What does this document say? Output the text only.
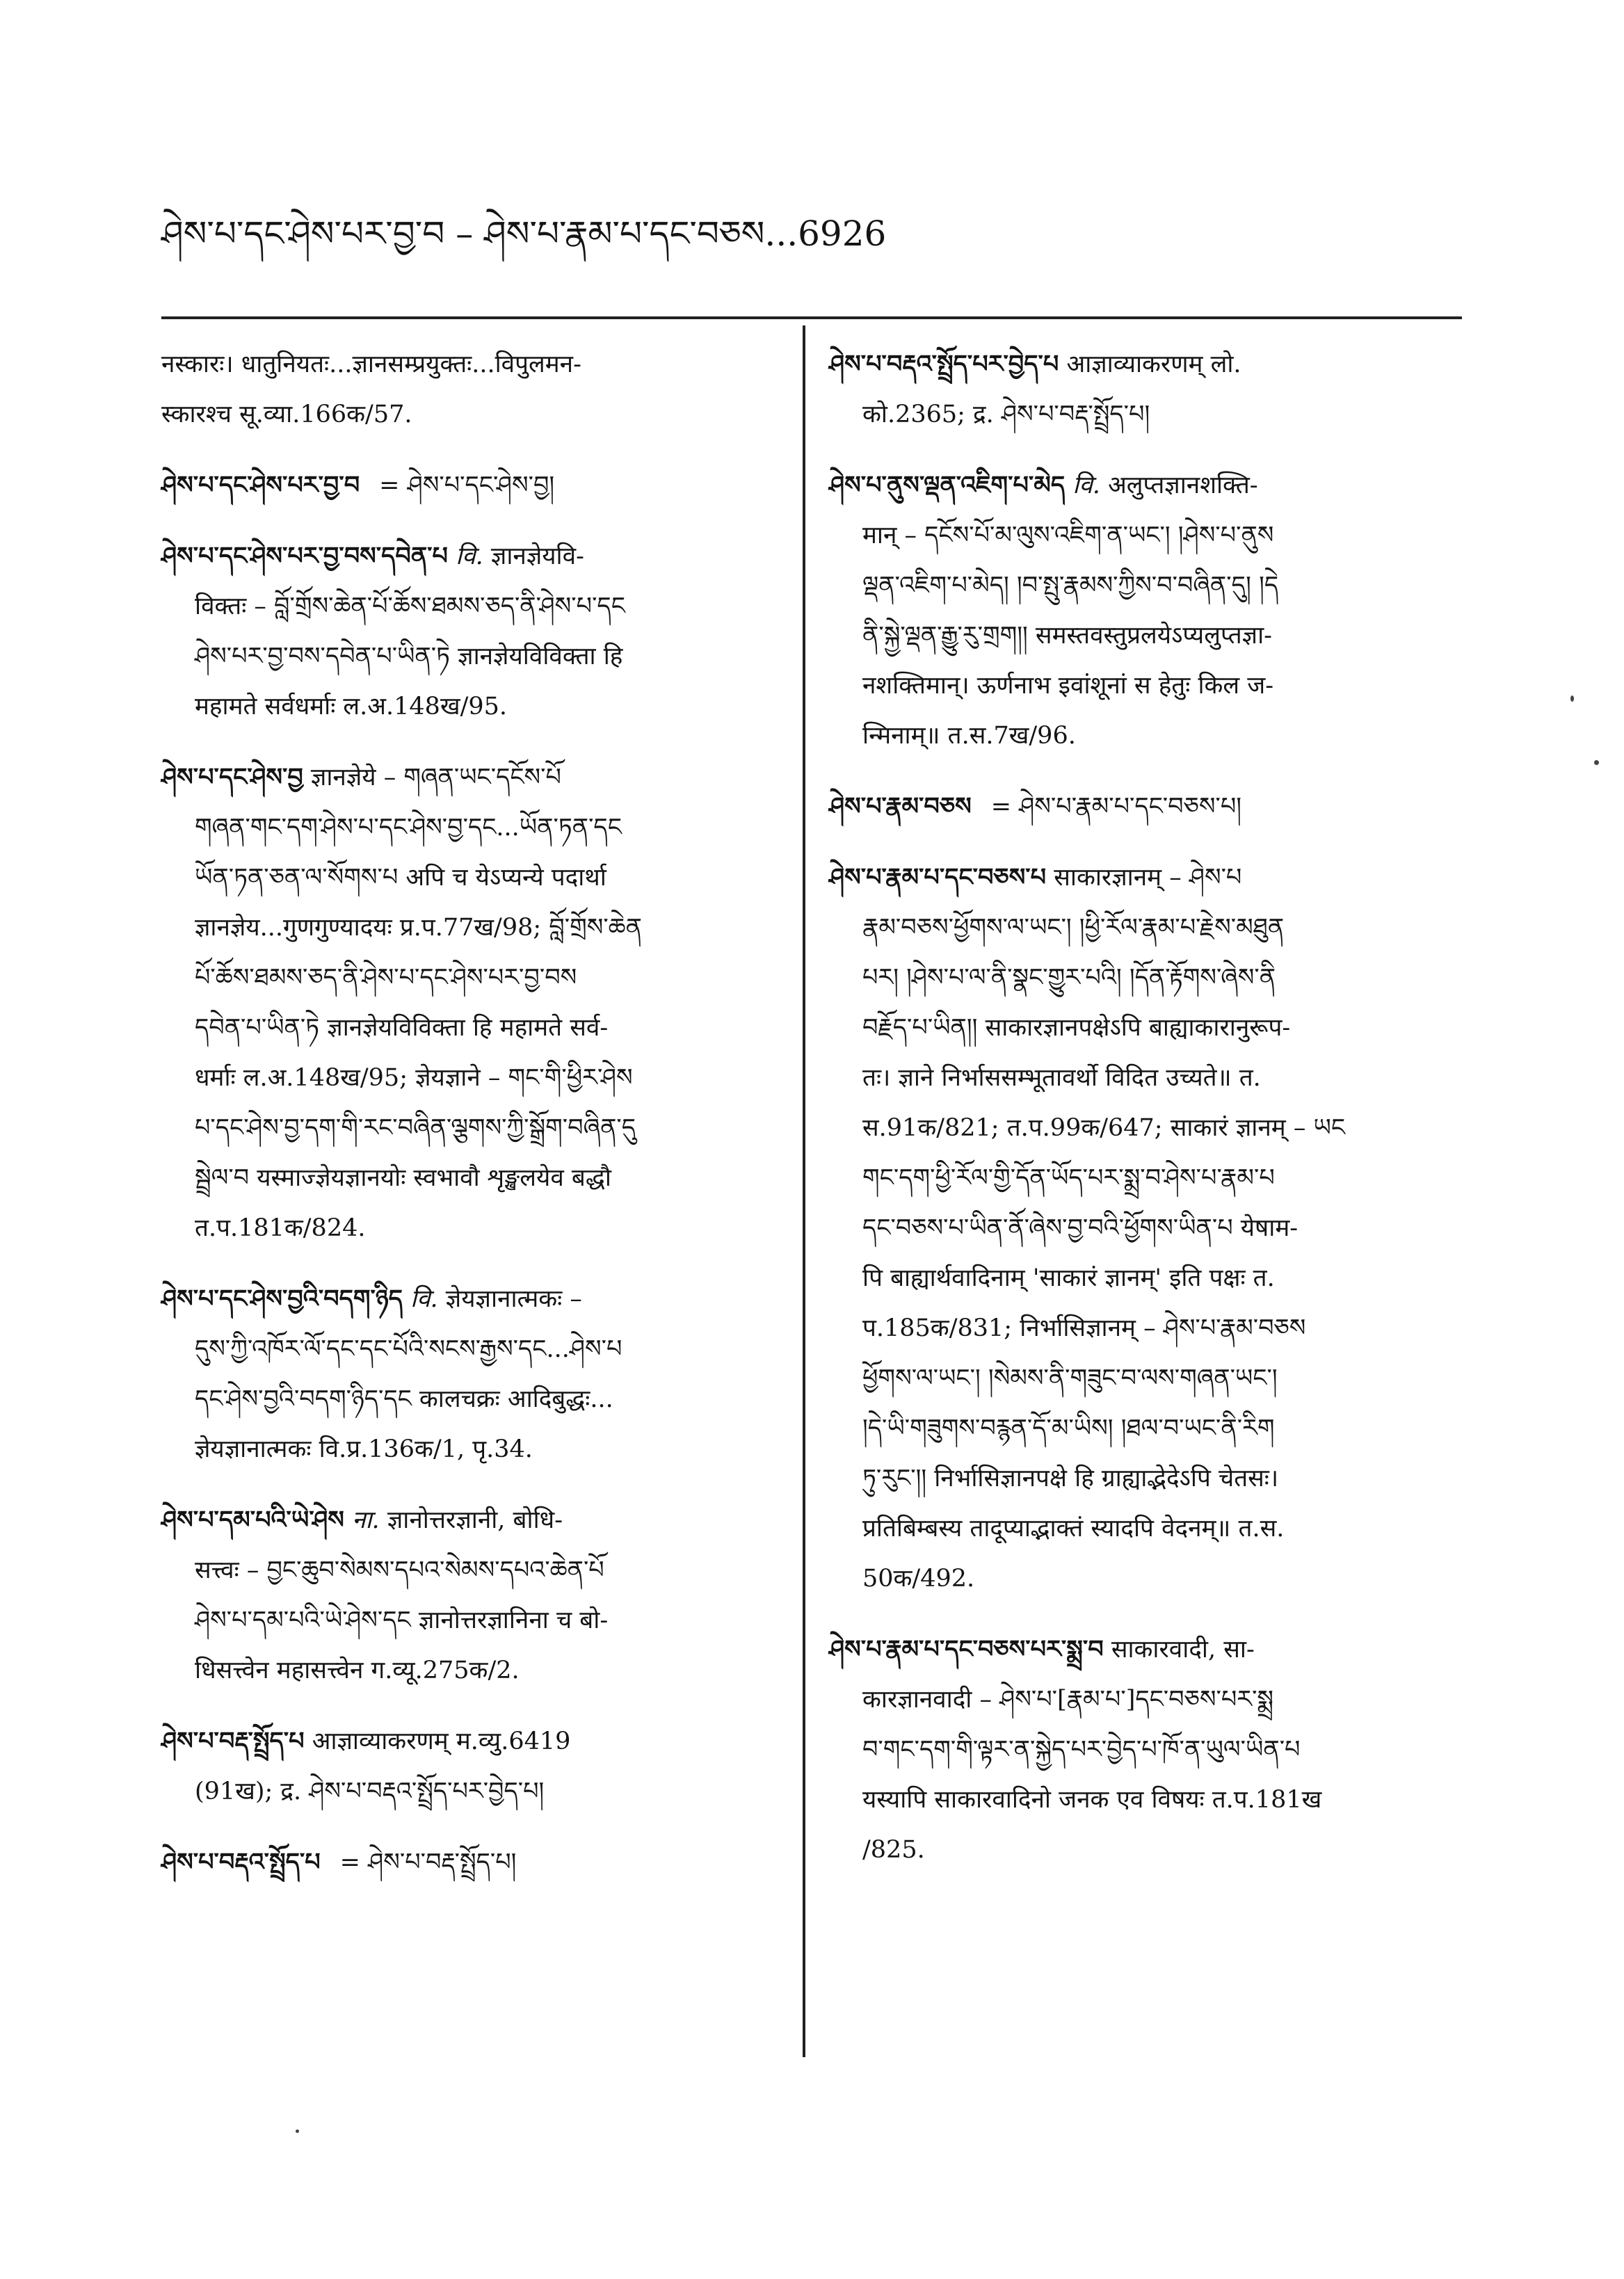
ཤེས་པ་དང་ཤེས་པར་བྱ་བ – ཤེས་པ་རྣམ་པ་དང་བཅས...6926

नस्कारः। धातुनियतः...ज्ञानसम्प्रयुक्तः...विपुलमन-

स्कारश्च सू.व्या.166क/57.

ཤེས་པ་དང་ཤེས་པར་བྱ་བ = ཤེས་པ་དང་ཤེས་བྱ།

ཤེས་པ་དང་ཤེས་པར་བྱ་བས་དབེན་པ वि. ज्ञानज्ञेयवि-

विक्तः – བློ་གྲོས་ཆེན་པོ་ཆོས་ཐམས་ཅད་ནི་ཤེས་པ་དང

ཤེས་པར་བྱ་བས་དབེན་པ་ཡིན་ཏེ ज्ञानज्ञेयविविक्ता हि

महामते सर्वधर्माः ल.अ.148ख/95.

ཤེས་པ་དང་ཤེས་བྱ ज्ञानज्ञेये – གཞན་ཡང་དངོས་པོ

གཞན་གང་དག་ཤེས་པ་དང་ཤེས་བྱ་དང...ཡོན་ཏན་དང

ཡོན་ཏན་ཅན་ལ་སོགས་པ अपि च येऽप्यन्ये पदार्था

ज्ञानज्ञेय...गुणगुण्यादयः प्र.प.77ख/98; བློ་གྲོས་ཆེན

པོ་ཆོས་ཐམས་ཅད་ནི་ཤེས་པ་དང་ཤེས་པར་བྱ་བས

དབེན་པ་ཡིན་ཏེ ज्ञानज्ञेयविविक्ता हि महामते सर्व-

धर्माः ल.अ.148ख/95; ज्ञेयज्ञाने – གང་གི་ཕྱིར་ཤེས

པ་དང་ཤེས་བྱ་དག་གི་རང་བཞིན་ལྕགས་ཀྱི་སྒྲོག་བཞིན་དུ

སྦྲེལ་བ यस्माज्ज्ञेयज्ञानयोः स्वभावौ शृङ्खलयेव बद्धौ

त.प.181क/824.

ཤེས་པ་དང་ཤེས་བྱའི་བདག་ཉིད वि. ज्ञेयज्ञानात्मकः –

དུས་ཀྱི་འཁོར་ལོ་དང་དང་པོའི་སངས་རྒྱས་དང...ཤེས་པ

དང་ཤེས་བྱའི་བདག་ཉིད་དང कालचक्रः आदिबुद्धः...

ज्ञेयज्ञानात्मकः वि.प्र.136क/1, पृ.34.

ཤེས་པ་དམ་པའི་ཡེ་ཤེས ना. ज्ञानोत्तरज्ञानी, बोधि-

सत्त्वः – བྱང་ཆུབ་སེམས་དཔའ་སེམས་དཔའ་ཆེན་པོ

ཤེས་པ་དམ་པའི་ཡེ་ཤེས་དང ज्ञानोत्तरज्ञानिना च बो-

धिसत्त्वेन महासत्त्वेन ग.व्यू.275क/2.

ཤེས་པ་བརྡ་སྤྲོད་པ आज्ञाव्याकरणम् म.व्यु.6419

(91ख); द्र. ཤེས་པ་བརྡའ་སྤྲོད་པར་བྱེད་པ།

ཤེས་པ་བརྡའ་སྤྲོད་པ = ཤེས་པ་བརྡ་སྤྲོད་པ།

ཤེས་པ་བརྡའ་སྤྲོད་པར་བྱེད་པ आज्ञाव्याकरणम् लो.

को.2365; द्र. ཤེས་པ་བརྡ་སྤྲོད་པ།

ཤེས་པ་ནུས་ལྡན་འཇིག་པ་མེད वि. अलुप्तज्ञानशक्ति-

मान् – དངོས་པོ་མ་ལུས་འཇིག་ན་ཡང་། །ཤེས་པ་ནུས

ལྡན་འཇིག་པ་མེད། །བ་སྤུ་རྣམས་ཀྱིས་བ་བཞིན་དུ། །དེ

ནི་སྐྱེ་ལྡན་རྒྱུ་རུ་གྲག།། समस्तवस्तुप्रलयेऽप्यलुप्तज्ञा-

नशक्तिमान्। ऊर्णनाभ इवांशूनां स हेतुः किल ज-

न्मिनाम्॥ त.स.7ख/96.

ཤེས་པ་རྣམ་བཅས = ཤེས་པ་རྣམ་པ་དང་བཅས་པ།

ཤེས་པ་རྣམ་པ་དང་བཅས་པ साकारज्ञानम् – ཤེས་པ

རྣམ་བཅས་ཕྱོགས་ལ་ཡང་། །ཕྱི་རོལ་རྣམ་པ་རྗེས་མཐུན

པར། །ཤེས་པ་ལ་ནི་སྣང་གྱུར་པའི། །དོན་རྟོགས་ཞེས་ནི

བརྗོད་པ་ཡིན།། साकारज्ञानपक्षेऽपि बाह्याकारानुरूप-

तः। ज्ञाने निर्भाससम्भूतावर्थो विदित उच्यते॥ त.

स.91क/821; त.प.99क/647; साकारं ज्ञानम् – ཡང

གང་དག་ཕྱི་རོལ་གྱི་དོན་ཡོད་པར་སྨྲ་བ་ཤེས་པ་རྣམ་པ

དང་བཅས་པ་ཡིན་ནོ་ཞེས་བྱ་བའི་ཕྱོགས་ཡིན་པ येषाम-

पि बाह्यार्थवादिनाम् 'साकारं ज्ञानम्' इति पक्षः त.

प.185क/831; निर्भासिज्ञानम् – ཤེས་པ་རྣམ་བཅས

ཕྱོགས་ལ་ཡང་། །སེམས་ནི་གཟུང་བ་ལས་གཞན་ཡང་།

།དེ་ཡི་གཟུགས་བརྙན་དོ་མ་ཡིས། །ཐལ་བ་ཡང་ནི་རིག

ཏུ་རུང་།། निर्भासिज्ञानपक्षे हि ग्राह्याद्भेदेऽपि चेतसः।

प्रतिबिम्बस्य तादूप्याद्भाक्तं स्यादपि वेदनम्॥ त.स.

50क/492.

ཤེས་པ་རྣམ་པ་དང་བཅས་པར་སྨྲ་བ साकारवादी, सा-

कारज्ञानवादी – ཤེས་པ་[རྣམ་པ་]དང་བཅས་པར་སྨྲ

བ་གང་དག་གི་ལྟར་ན་སྐྱེད་པར་བྱེད་པ་ཁོ་ན་ཡུལ་ཡིན་པ

यस्यापि साकारवादिनो जनक एव विषयः त.प.181ख

/825.
